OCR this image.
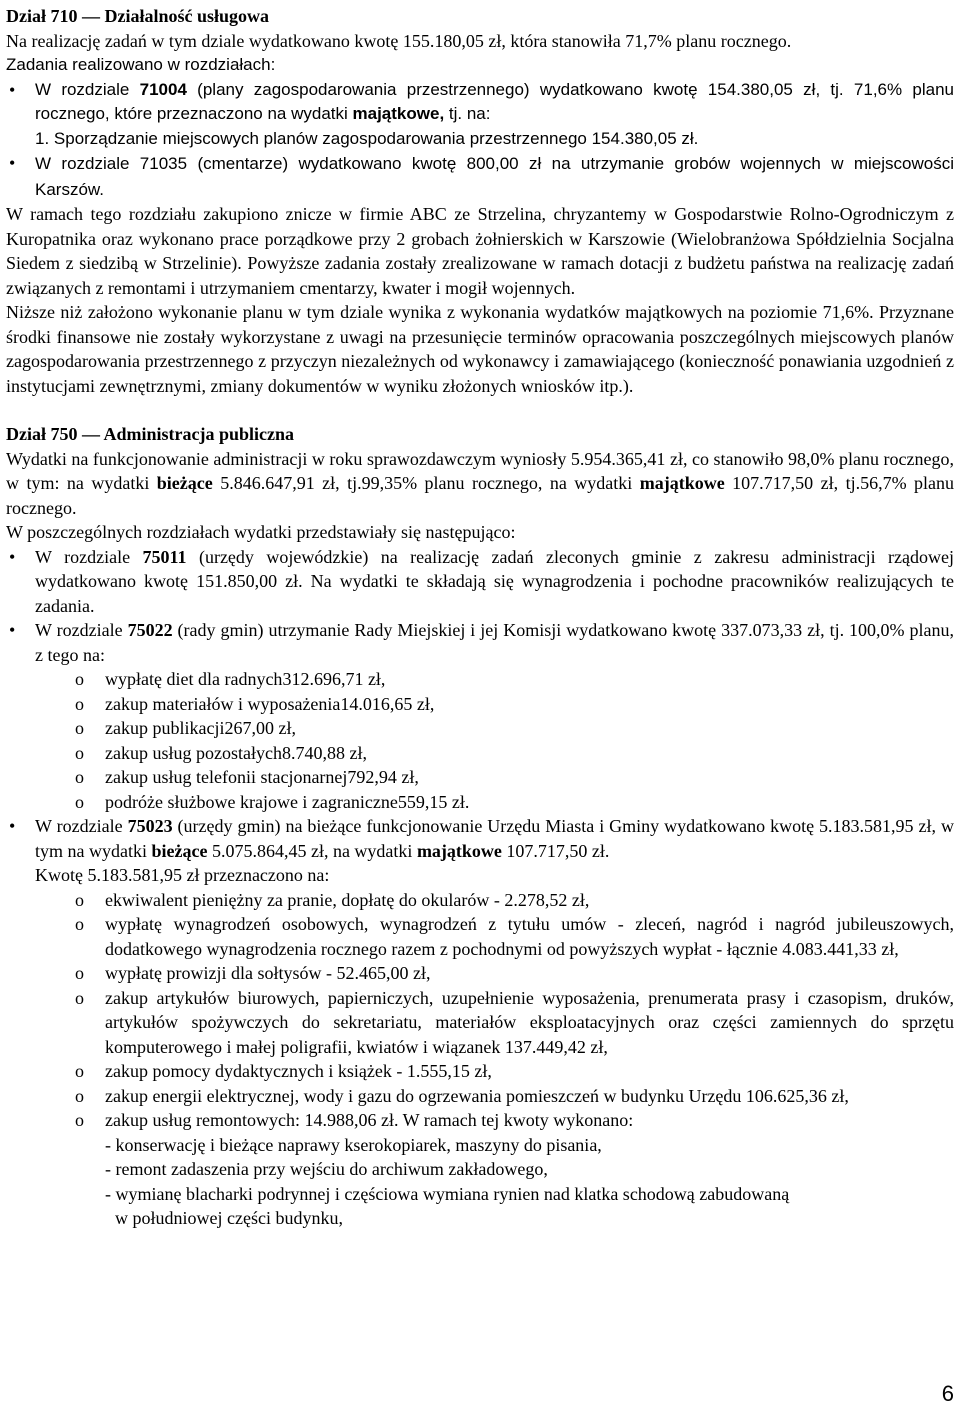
Dział 710 — Działalność usługowa

Na realizację zadań w tym dziale wydatkowano kwotę 155.180,05 zł, która stanowiła 71,7% planu rocznego.

Zadania realizowano w rozdziałach:

•	W rozdziale 71004 (plany zagospodarowania przestrzennego) wydatkowano kwotę 154.380,05 zł, tj. 71,6% planu rocznego, które przeznaczono na wydatki majątkowe, tj. na:

1. Sporządzanie miejscowych planów zagospodarowania przestrzennego 154.380,05 zł.

•	W rozdziale 71035 (cmentarze) wydatkowano kwotę 800,00 zł na utrzymanie grobów wojennych w miejscowości Karszów.

W ramach tego rozdziału zakupiono znicze w firmie ABC ze Strzelina, chryzantemy w Gospodarstwie Rolno-Ogrodniczym z Kuropatnika oraz wykonano prace porządkowe przy 2 grobach żołnierskich w Karszowie (Wielobranżowa Spółdzielnia Socjalna Siedem z siedzibą w Strzelinie). Powyższe zadania zostały zrealizowane w ramach dotacji z budżetu państwa na realizację zadań związanych z remontami i utrzymaniem cmentarzy, kwater i mogił wojennych.

Niższe niż założono wykonanie planu w tym dziale wynika z wykonania wydatków majątkowych na poziomie 71,6%. Przyznane środki finansowe nie zostały wykorzystane z uwagi na przesunięcie terminów opracowania poszczególnych miejscowych planów zagospodarowania przestrzennego z przyczyn niezależnych od wykonawcy i zamawiającego (konieczność ponawiania uzgodnień z instytucjami zewnętrznymi, zmiany dokumentów w wyniku złożonych wniosków itp.).

Dział 750 — Administracja publiczna

Wydatki na funkcjonowanie administracji w roku sprawozdawczym wyniosły 5.954.365,41 zł, co stanowiło 98,0% planu rocznego, w tym: na wydatki bieżące 5.846.647,91 zł, tj.99,35% planu rocznego, na wydatki majątkowe 107.717,50 zł, tj.56,7% planu rocznego.

W poszczególnych rozdziałach wydatki przedstawiały się następująco:

•	W rozdziale 75011 (urzędy wojewódzkie) na realizację zadań zleconych gminie z zakresu administracji rządowej wydatkowano kwotę 151.850,00 zł. Na wydatki te składają się wynagrodzenia i pochodne pracowników realizujących te zadania.

•	W rozdziale 75022 (rady gmin) utrzymanie Rady Miejskiej i jej Komisji wydatkowano kwotę 337.073,33 zł, tj. 100,0% planu, z tego na:

o wypłatę diet dla radnych312.696,71 zł,
o zakup materiałów i wyposażenia14.016,65 zł,
o zakup publikacji267,00 zł,
o zakup usług pozostałych8.740,88 zł,
o zakup usług telefonii stacjonarnej792,94 zł,
o podróże służbowe krajowe i zagraniczne559,15 zł.
•	W rozdziale 75023 (urzędy gmin) na bieżące funkcjonowanie Urzędu Miasta i Gminy wydatkowano kwotę 5.183.581,95 zł, w tym na wydatki bieżące 5.075.864,45 zł, na wydatki majątkowe 107.717,50 zł.

Kwotę 5.183.581,95 zł przeznaczono na:

o ekwiwalent pieniężny za pranie, dopłatę do okularów - 2.278,52 zł,

o wypłatę wynagrodzeń osobowych, wynagrodzeń z tytułu umów - zleceń, nagród i nagród jubileuszowych, dodatkowego wynagrodzenia rocznego razem z pochodnymi od powyższych wypłat - łącznie 4.083.441,33 zł,

o wypłatę prowizji dla sołtysów - 52.465,00 zł,

o zakup artykułów biurowych, papierniczych, uzupełnienie wyposażenia, prenumerata prasy i czasopism, druków, artykułów spożywczych do sekretariatu, materiałów eksploatacyjnych oraz części zamiennych do sprzętu komputerowego i małej poligrafii, kwiatów i wiązanek 137.449,42 zł,

o zakup pomocy dydaktycznych i książek - 1.555,15 zł,

o zakup energii elektrycznej, wody i gazu do ogrzewania pomieszczeń w budynku Urzędu 106.625,36 zł,

o zakup usług remontowych: 14.988,06 zł. W ramach tej kwoty wykonano:

- konserwację i bieżące naprawy kserokopiarek, maszyny do pisania,

- remont zadaszenia przy wejściu do archiwum zakładowego,

- wymianę blacharki podrynnej i częściowa wymiana rynien nad klatka schodową zabudowaną

w południowej części budynku,

6
